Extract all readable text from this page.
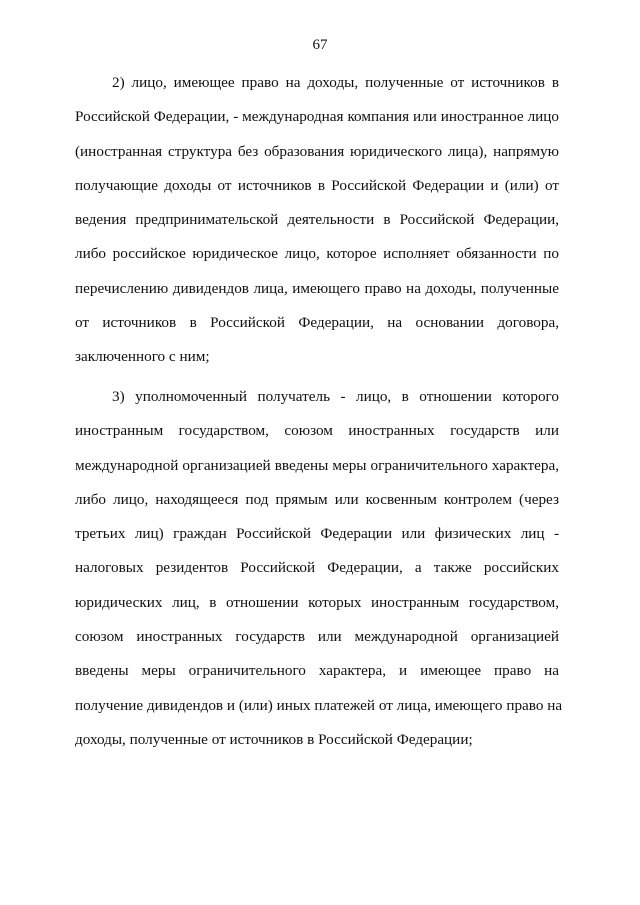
67
2) лицо, имеющее право на доходы, полученные от источников в
Российской Федерации, - международная компания или иностранное лицо
(иностранная структура без образования юридического лица), напрямую
получающие доходы от источников в Российской Федерации и (или) от
ведения предпринимательской деятельности в Российской Федерации,
либо российское юридическое лицо, которое исполняет обязанности по
перечислению дивидендов лица, имеющего право на доходы, полученные
от источников в Российской Федерации, на основании договора,
заключенного с ним;
3) уполномоченный получатель - лицо, в отношении которого
иностранным государством, союзом иностранных государств или
международной организацией введены меры ограничительного характера,
либо лицо, находящееся под прямым или косвенным контролем (через
третьих лиц) граждан Российской Федерации или физических лиц -
налоговых резидентов Российской Федерации, а также российских
юридических лиц, в отношении которых иностранным государством,
союзом иностранных государств или международной организацией
введены меры ограничительного характера, и имеющее право на
получение дивидендов и (или) иных платежей от лица, имеющего право на
доходы, полученные от источников в Российской Федерации;
